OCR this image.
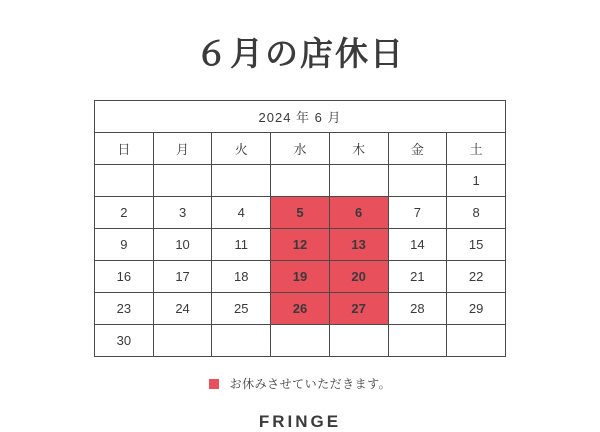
６月の店休日
2024 年 6 月						
日	月	火	水	木	金	土
						1
2	3	4	5	6	7	8
9	10	11	12	13	14	15
16	17	18	19	20	21	22
23	24	25	26	27	28	29
30						
お休みさせていただきます。
FRINGE
